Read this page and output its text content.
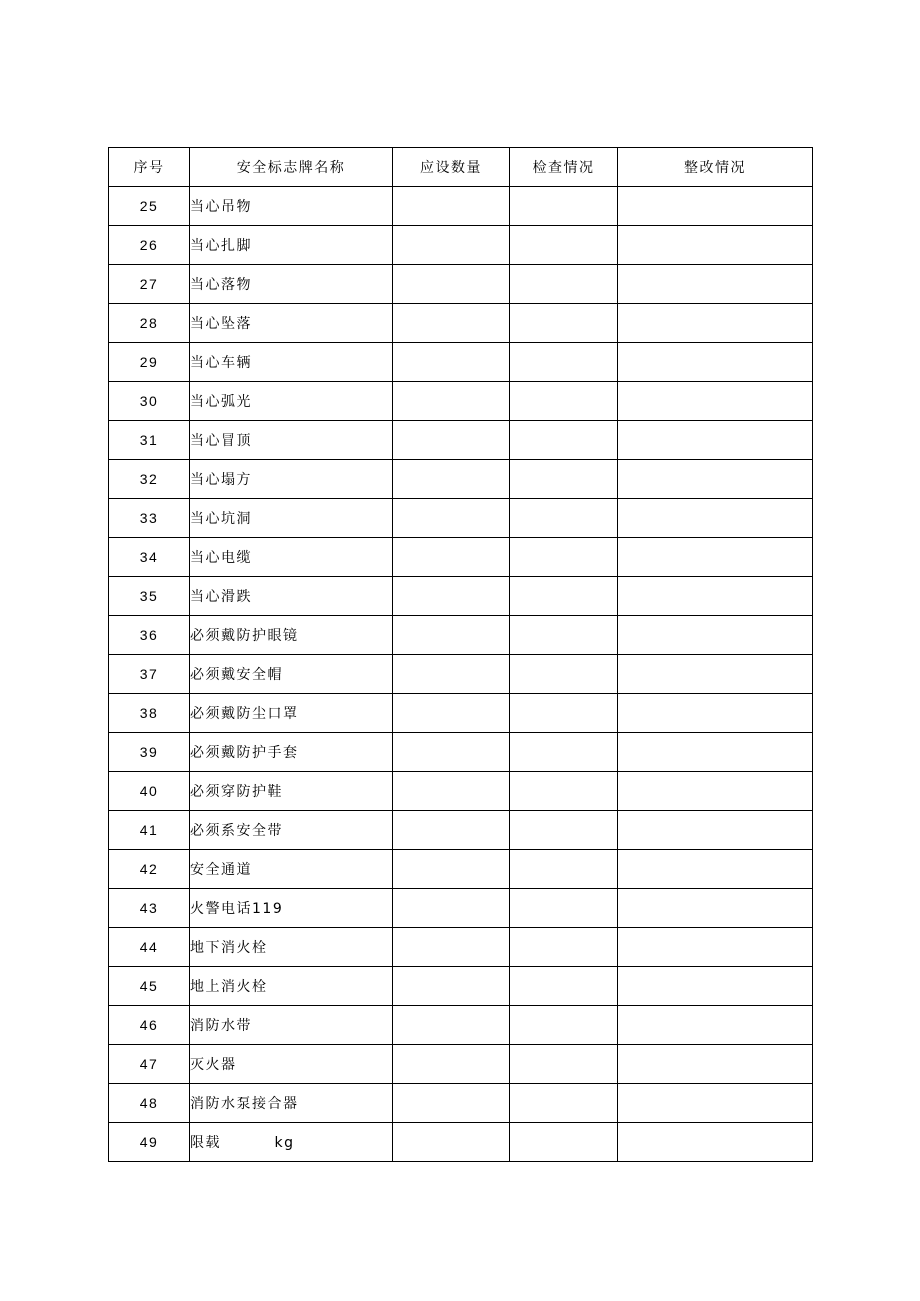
序号	安全标志牌名称	应设数量	检查情况	整改情况
25	当心吊物			
26	当心扎脚			
27	当心落物			
28	当心坠落			
29	当心车辆			
30	当心弧光			
31	当心冒顶			
32	当心塌方			
33	当心坑洞			
34	当心电缆			
35	当心滑跌			
36	必须戴防护眼镜			
37	必须戴安全帽			
38	必须戴防尘口罩			
39	必须戴防护手套			
40	必须穿防护鞋			
41	必须系安全带			
42	安全通道			
43	火警电话119			
44	地下消火栓			
45	地上消火栓			
46	消防水带			
47	灭火器			
48	消防水泵接合器			
49	限载         kg			
